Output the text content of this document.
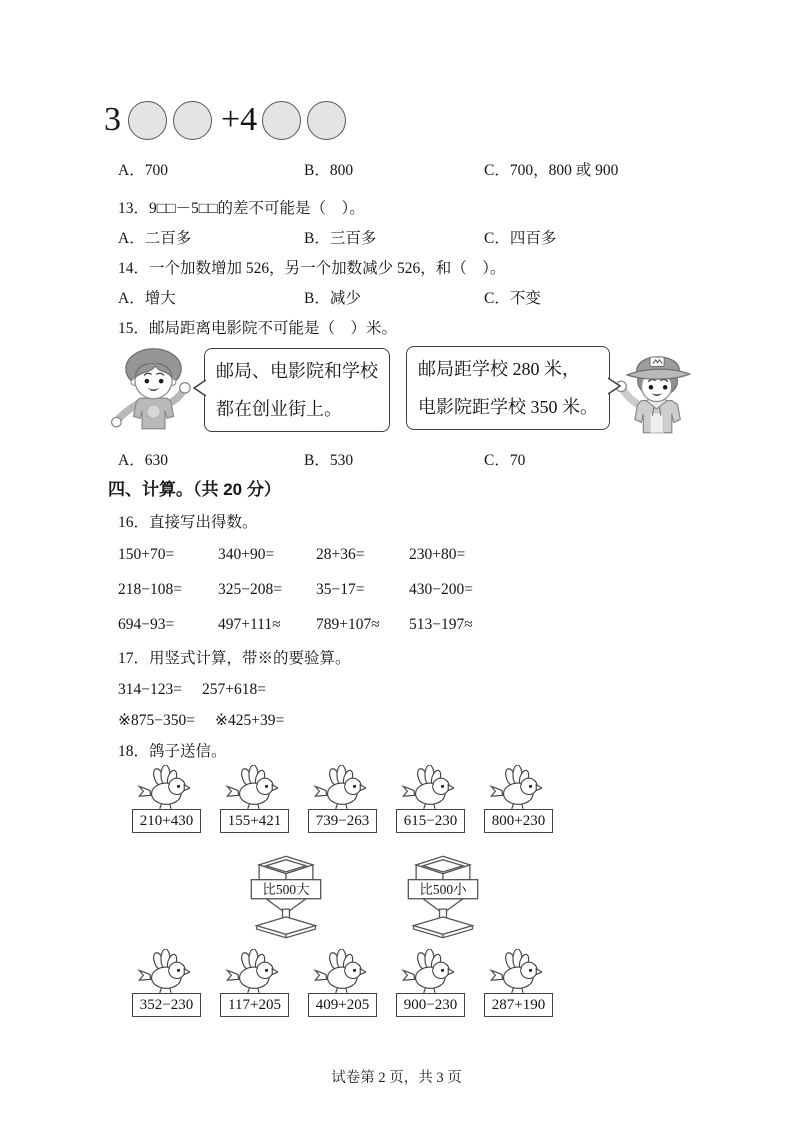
3	+4
A．700	B．800	C．700，800 或 900
13．9□□－5□□的差不可能是（　）。
A．二百多	B．三百多	C．四百多
14．一个加数增加 526，另一个加数减少 526，和（　）。
A．增大	B．减少	C．不变
15．邮局距离电影院不可能是（　）米。
邮局、电影院和学校
都在创业街上。
邮局距学校 280 米，
电影院距学校 350 米。
A．630	B．530	C．70
四、计算。（共 20 分）
16．直接写出得数。
150+70=	340+90=	28+36=	230+80=
218−108=	325−208=	35−17=	430−200=
694−93=	497+111≈	789+107≈	513−197≈
17．用竖式计算，带※的要验算。
314−123= 257+618=
※875−350= ※425+39=
18．鸽子送信。
210+430	155+421	739−263	615−230	800+230
比500大	比500小
352−230	117+205	409+205	900−230	287+190
试卷第 2 页，共 3 页
